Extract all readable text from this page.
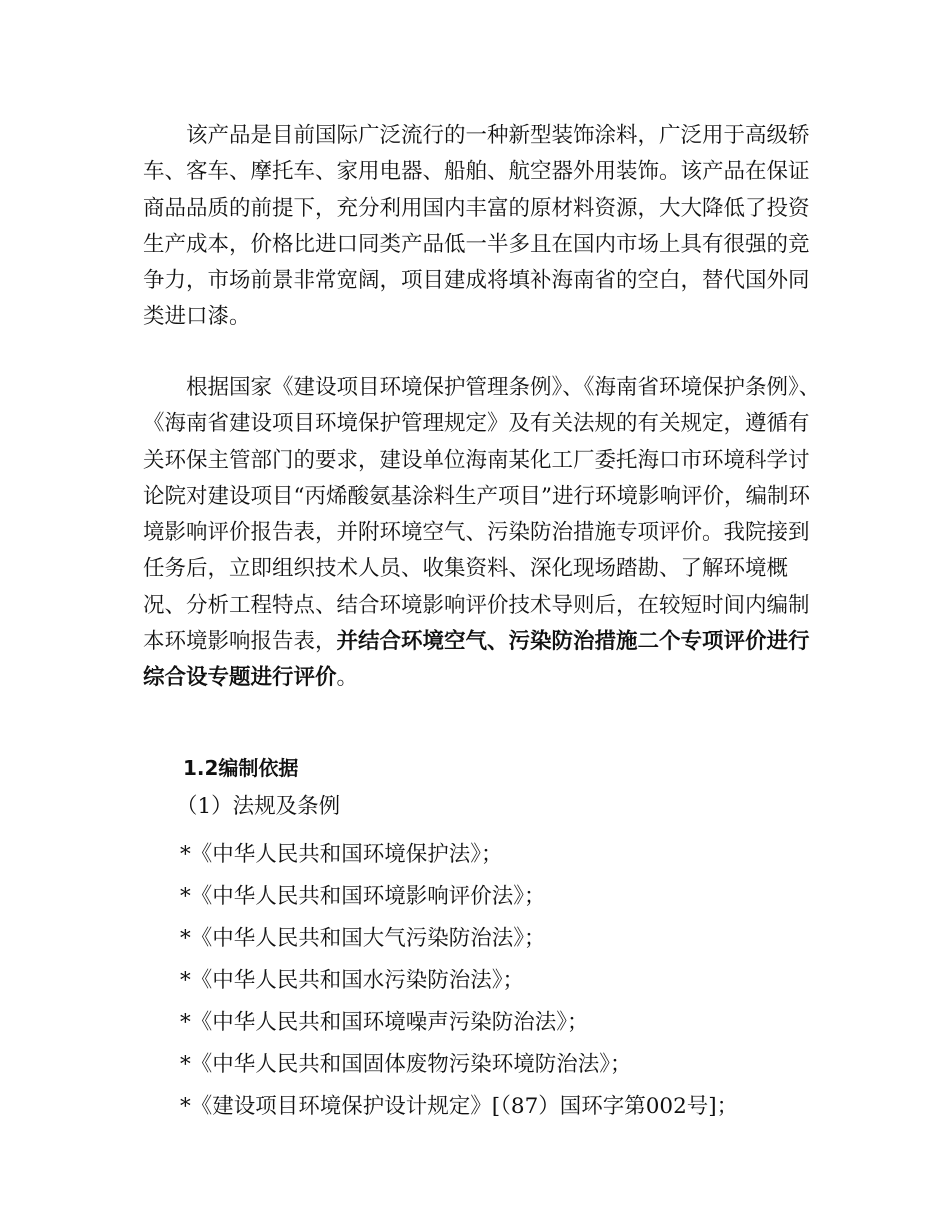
该产品是目前国际广泛流行的一种新型装饰涂料，广泛用于高级轿车、客车、摩托车、家用电器、船舶、航空器外用装饰。该产品在保证商品品质的前提下，充分利用国内丰富的原材料资源，大大降低了投资生产成本，价格比进口同类产品低一半多且在国内市场上具有很强的竞争力，市场前景非常宽阔，项目建成将填补海南省的空白，替代国外同类进口漆。

根据国家《建设项目环境保护管理条例》、《海南省环境保护条例》、《海南省建设项目环境保护管理规定》及有关法规的有关规定，遵循有关环保主管部门的要求，建设单位海南某化工厂委托海口市环境科学讨论院对建设项目“丙烯酸氨基涂料生产项目”进行环境影响评价，编制环境影响评价报告表，并附环境空气、污染防治措施专项评价。我院接到任务后，立即组织技术人员、收集资料、深化现场踏勘、了解环境概况、分析工程特点、结合环境影响评价技术导则后，在较短时间内编制本环境影响报告表，并结合环境空气、污染防治措施二个专项评价进行综合设专题进行评价。

1.2编制依据
（1）法规及条例
*《中华人民共和国环境保护法》；
*《中华人民共和国环境影响评价法》；
*《中华人民共和国大气污染防治法》；
*《中华人民共和国水污染防治法》；
*《中华人民共和国环境噪声污染防治法》；
*《中华人民共和国固体废物污染环境防治法》；
*《建设项目环境保护设计规定》[（87）国环字第002号]；
